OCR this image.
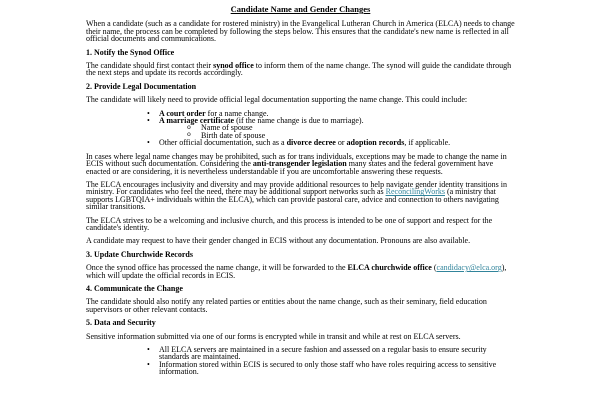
Candidate Name and Gender Changes

When a candidate (such as a candidate for rostered ministry) in the Evangelical Lutheran Church in America (ELCA) needs to change their name, the process can be completed by following the steps below. This ensures that the candidate's new name is reflected in all official documents and communications.

1. Notify the Synod Office

The candidate should first contact their synod office to inform them of the name change. The synod will guide the candidate through the next steps and update its records accordingly.

2. Provide Legal Documentation

The candidate will likely need to provide official legal documentation supporting the name change. This could include:

• A court order for a name change.
• A marriage certificate (if the name change is due to marriage).
o Name of spouse
o Birth date of spouse
• Other official documentation, such as a divorce decree or adoption records, if applicable.

In cases where legal name changes may be prohibited, such as for trans individuals, exceptions may be made to change the name in ECIS without such documentation. Considering the anti-transgender legislation many states and the federal government have enacted or are considering, it is nevertheless understandable if you are uncomfortable answering these requests.

The ELCA encourages inclusivity and diversity and may provide additional resources to help navigate gender identity transitions in ministry. For candidates who feel the need, there may be additional support networks such as ReconcilingWorks (a ministry that supports LGBTQIA+ individuals within the ELCA), which can provide pastoral care, advice and connection to others navigating similar transitions.

The ELCA strives to be a welcoming and inclusive church, and this process is intended to be one of support and respect for the candidate's identity.

A candidate may request to have their gender changed in ECIS without any documentation. Pronouns are also available.

3. Update Churchwide Records

Once the synod office has processed the name change, it will be forwarded to the ELCA churchwide office (candidacy@elca.org), which will update the official records in ECIS.

4. Communicate the Change

The candidate should also notify any related parties or entities about the name change, such as their seminary, field education supervisors or other relevant contacts.

5. Data and Security

Sensitive information submitted via one of our forms is encrypted while in transit and while at rest on ELCA servers.

• All ELCA servers are maintained in a secure fashion and assessed on a regular basis to ensure security standards are maintained.
• Information stored within ECIS is secured to only those staff who have roles requiring access to sensitive information.
